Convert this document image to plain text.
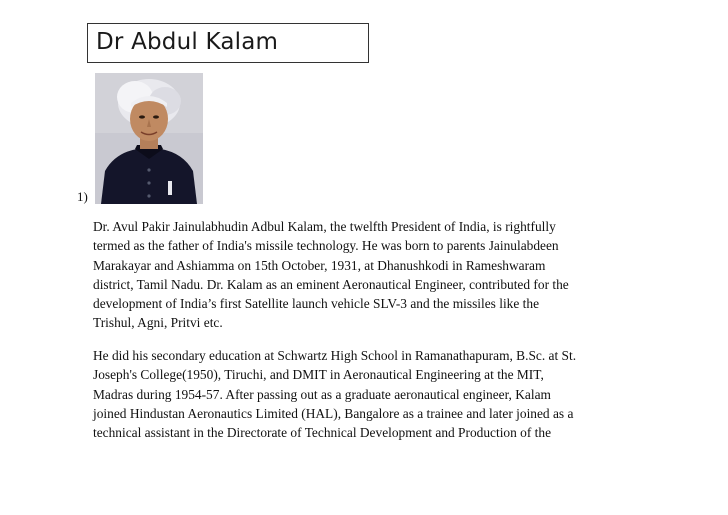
Dr Abdul Kalam
1)

Dr. Avul Pakir Jainulabhudin Adbul Kalam, the twelfth President of India, is rightfully
termed as the father of India's missile technology. He was born to parents Jainulabdeen
Marakayar and Ashiamma on 15th October, 1931, at Dhanushkodi in Rameshwaram
district, Tamil Nadu. Dr. Kalam as an eminent Aeronautical Engineer, contributed for the
development of India’s first Satellite launch vehicle SLV-3 and the missiles like the
Trishul, Agni, Pritvi etc.

He did his secondary education at Schwartz High School in Ramanathapuram, B.Sc. at St.
Joseph's College(1950), Tiruchi, and DMIT in Aeronautical Engineering at the MIT,
Madras during 1954-57. After passing out as a graduate aeronautical engineer, Kalam
joined Hindustan Aeronautics Limited (HAL), Bangalore as a trainee and later joined as a
technical assistant in the Directorate of Technical Development and Production of the
